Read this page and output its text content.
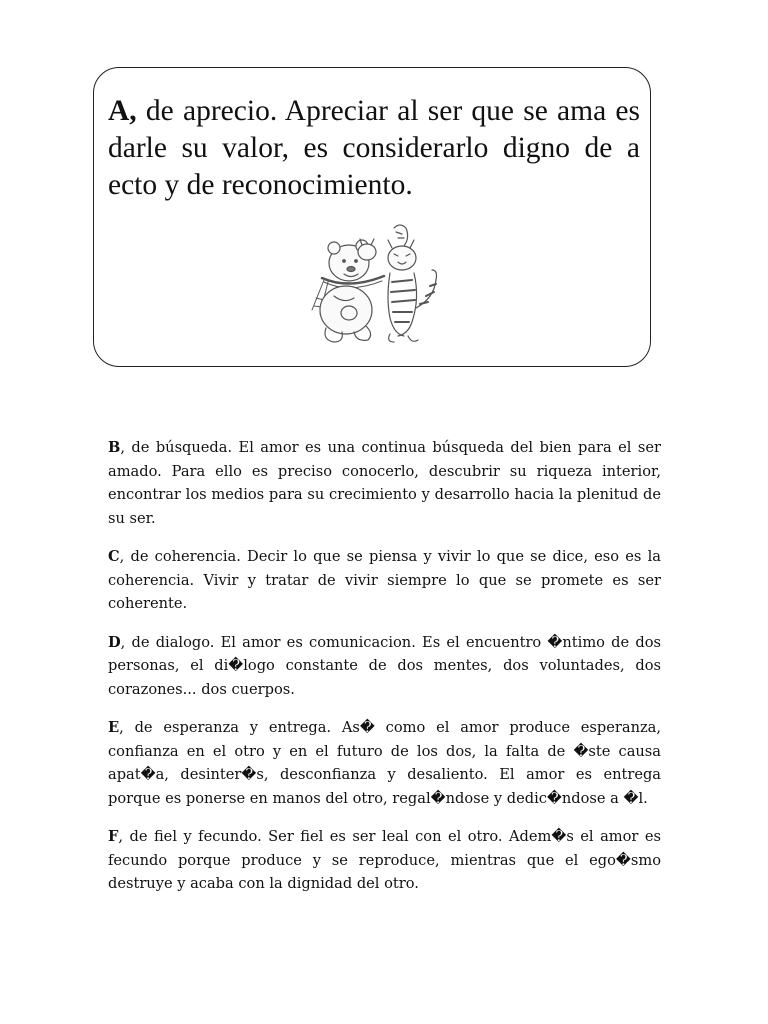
A, de aprecio. Apreciar al ser que se ama es darle su valor, es considerarlo digno de a ecto y de reconocimiento.

B, de búsqueda. El amor es una continua búsqueda del bien para el ser amado. Para ello es preciso conocerlo, descubrir su riqueza interior, encontrar los medios para su crecimiento y desarrollo hacia la plenitud de su ser.

C, de coherencia. Decir lo que se piensa y vivir lo que se dice, eso es la coherencia. Vivir y tratar de vivir siempre lo que se promete es ser coherente.

D, de dialogo. El amor es comunicacion. Es el encuentro �ntimo de dos personas, el di�logo constante de dos mentes, dos voluntades, dos corazones... dos cuerpos.

E, de esperanza y entrega. As� como el amor produce esperanza, confianza en el otro y en el futuro de los dos, la falta de �ste causa apat�a, desinter�s, desconfianza y desaliento. El amor es entrega porque es ponerse en manos del otro, regal�ndose y dedic�ndose a �l.

F, de fiel y fecundo. Ser fiel es ser leal con el otro. Adem�s el amor es fecundo porque produce y se reproduce, mientras que el ego�smo destruye y acaba con la dignidad del otro.
